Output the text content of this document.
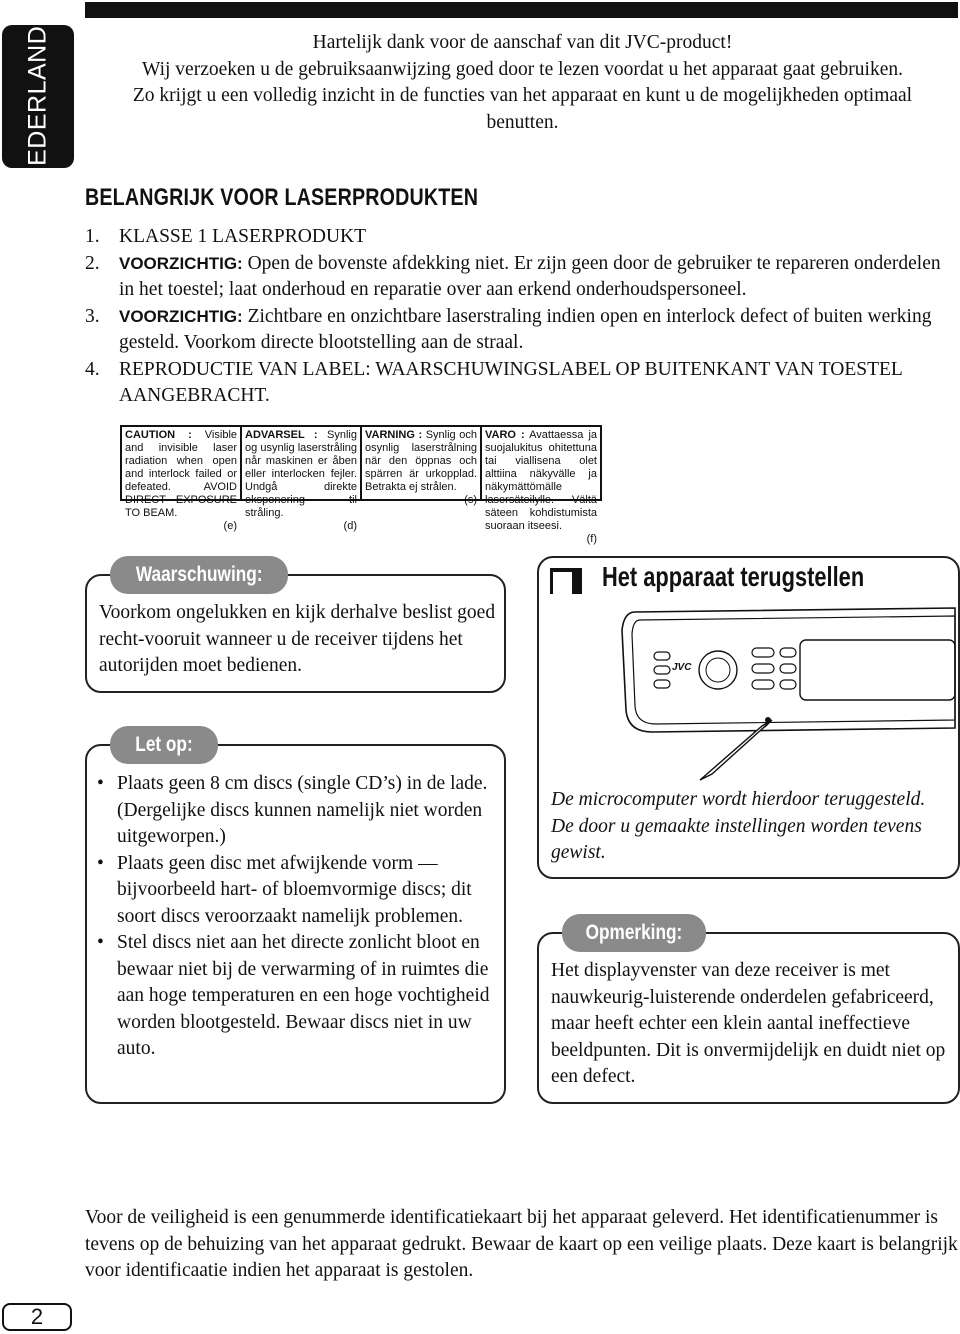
NEDERLANDS	Hartelijk dank voor de aanschaf van dit JVC-product!
Wij verzoeken u de gebruiksaanwijzing goed door te lezen voordat u het apparaat gaat gebruiken.
Zo krijgt u een volledig inzicht in de functies van het apparaat en kunt u de mogelijkheden optimaal
benutten.
BELANGRIJK VOOR LASERPRODUKTEN
1. KLASSE 1 LASERPRODUKT
2. VOORZICHTIG: Open de bovenste afdekking niet. Er zijn geen door de gebruiker te repareren onderdelen in het toestel; laat onderhoud en reparatie over aan erkend onderhoudspersoneel.
3. VOORZICHTIG: Zichtbare en onzichtbare laserstraling indien open en interlock defect of buiten werking gesteld. Voorkom directe blootstelling aan de straal.
4. REPRODUCTIE VAN LABEL: WAARSCHUWINGSLABEL OP BUITENKANT VAN TOESTEL AANGEBRACHT.
CAUTION : Visible and invisible laser radiation when open and interlock failed or defeated. AVOID DIRECT EXPOSURE TO BEAM.
(e)
ADVARSEL : Synlig og usynlig laserstråling når maskinen er åben eller interlocken fejler. Undgå direkte eksponering til stråling.
(d)
VARNING : Synlig och osynlig laserstrålning när den öppnas och spärren är urkopplad. Betrakta ej strålen.
(s)
VARO : Avattaessa ja suojalukitus ohitettuna tai viallisena olet alttiina näkyvälle ja näkymättömälle lasersäteilylle. Vältä säteen kohdistumista suoraan itseesi.
(f)
Waarschuwing:
Voorkom ongelukken en kijk derhalve beslist goed recht-vooruit wanneer u de receiver tijdens het autorijden moet bedienen.
Let op:
• Plaats geen 8 cm discs (single CD’s) in de lade. (Dergelijke discs kunnen namelijk niet worden uitgeworpen.)
• Plaats geen disc met afwijkende vorm —bijvoorbeeld hart- of bloemvormige discs; dit soort discs veroorzaakt namelijk problemen.
• Stel discs niet aan het directe zonlicht bloot en bewaar niet bij de verwarming of in ruimtes die aan hoge temperaturen en een hoge vochtigheid worden blootgesteld. Bewaar discs niet in uw auto.
Het apparaat terugstellen
JVC
De microcomputer wordt hierdoor teruggesteld. De door u gemaakte instellingen worden tevens gewist.
Opmerking:
Het displayvenster van deze receiver is met nauwkeurig-luisterende onderdelen gefabriceerd, maar heeft echter een klein aantal ineffectieve beeldpunten. Dit is onvermijdelijk en duidt niet op een defect.
Voor de veiligheid is een genummerde identificatiekaart bij het apparaat geleverd. Het identificatienummer is tevens op de behuizing van het apparaat gedrukt. Bewaar de kaart op een veilige plaats. Deze kaart is belangrijk voor identificaatie indien het apparaat is gestolen.
2
